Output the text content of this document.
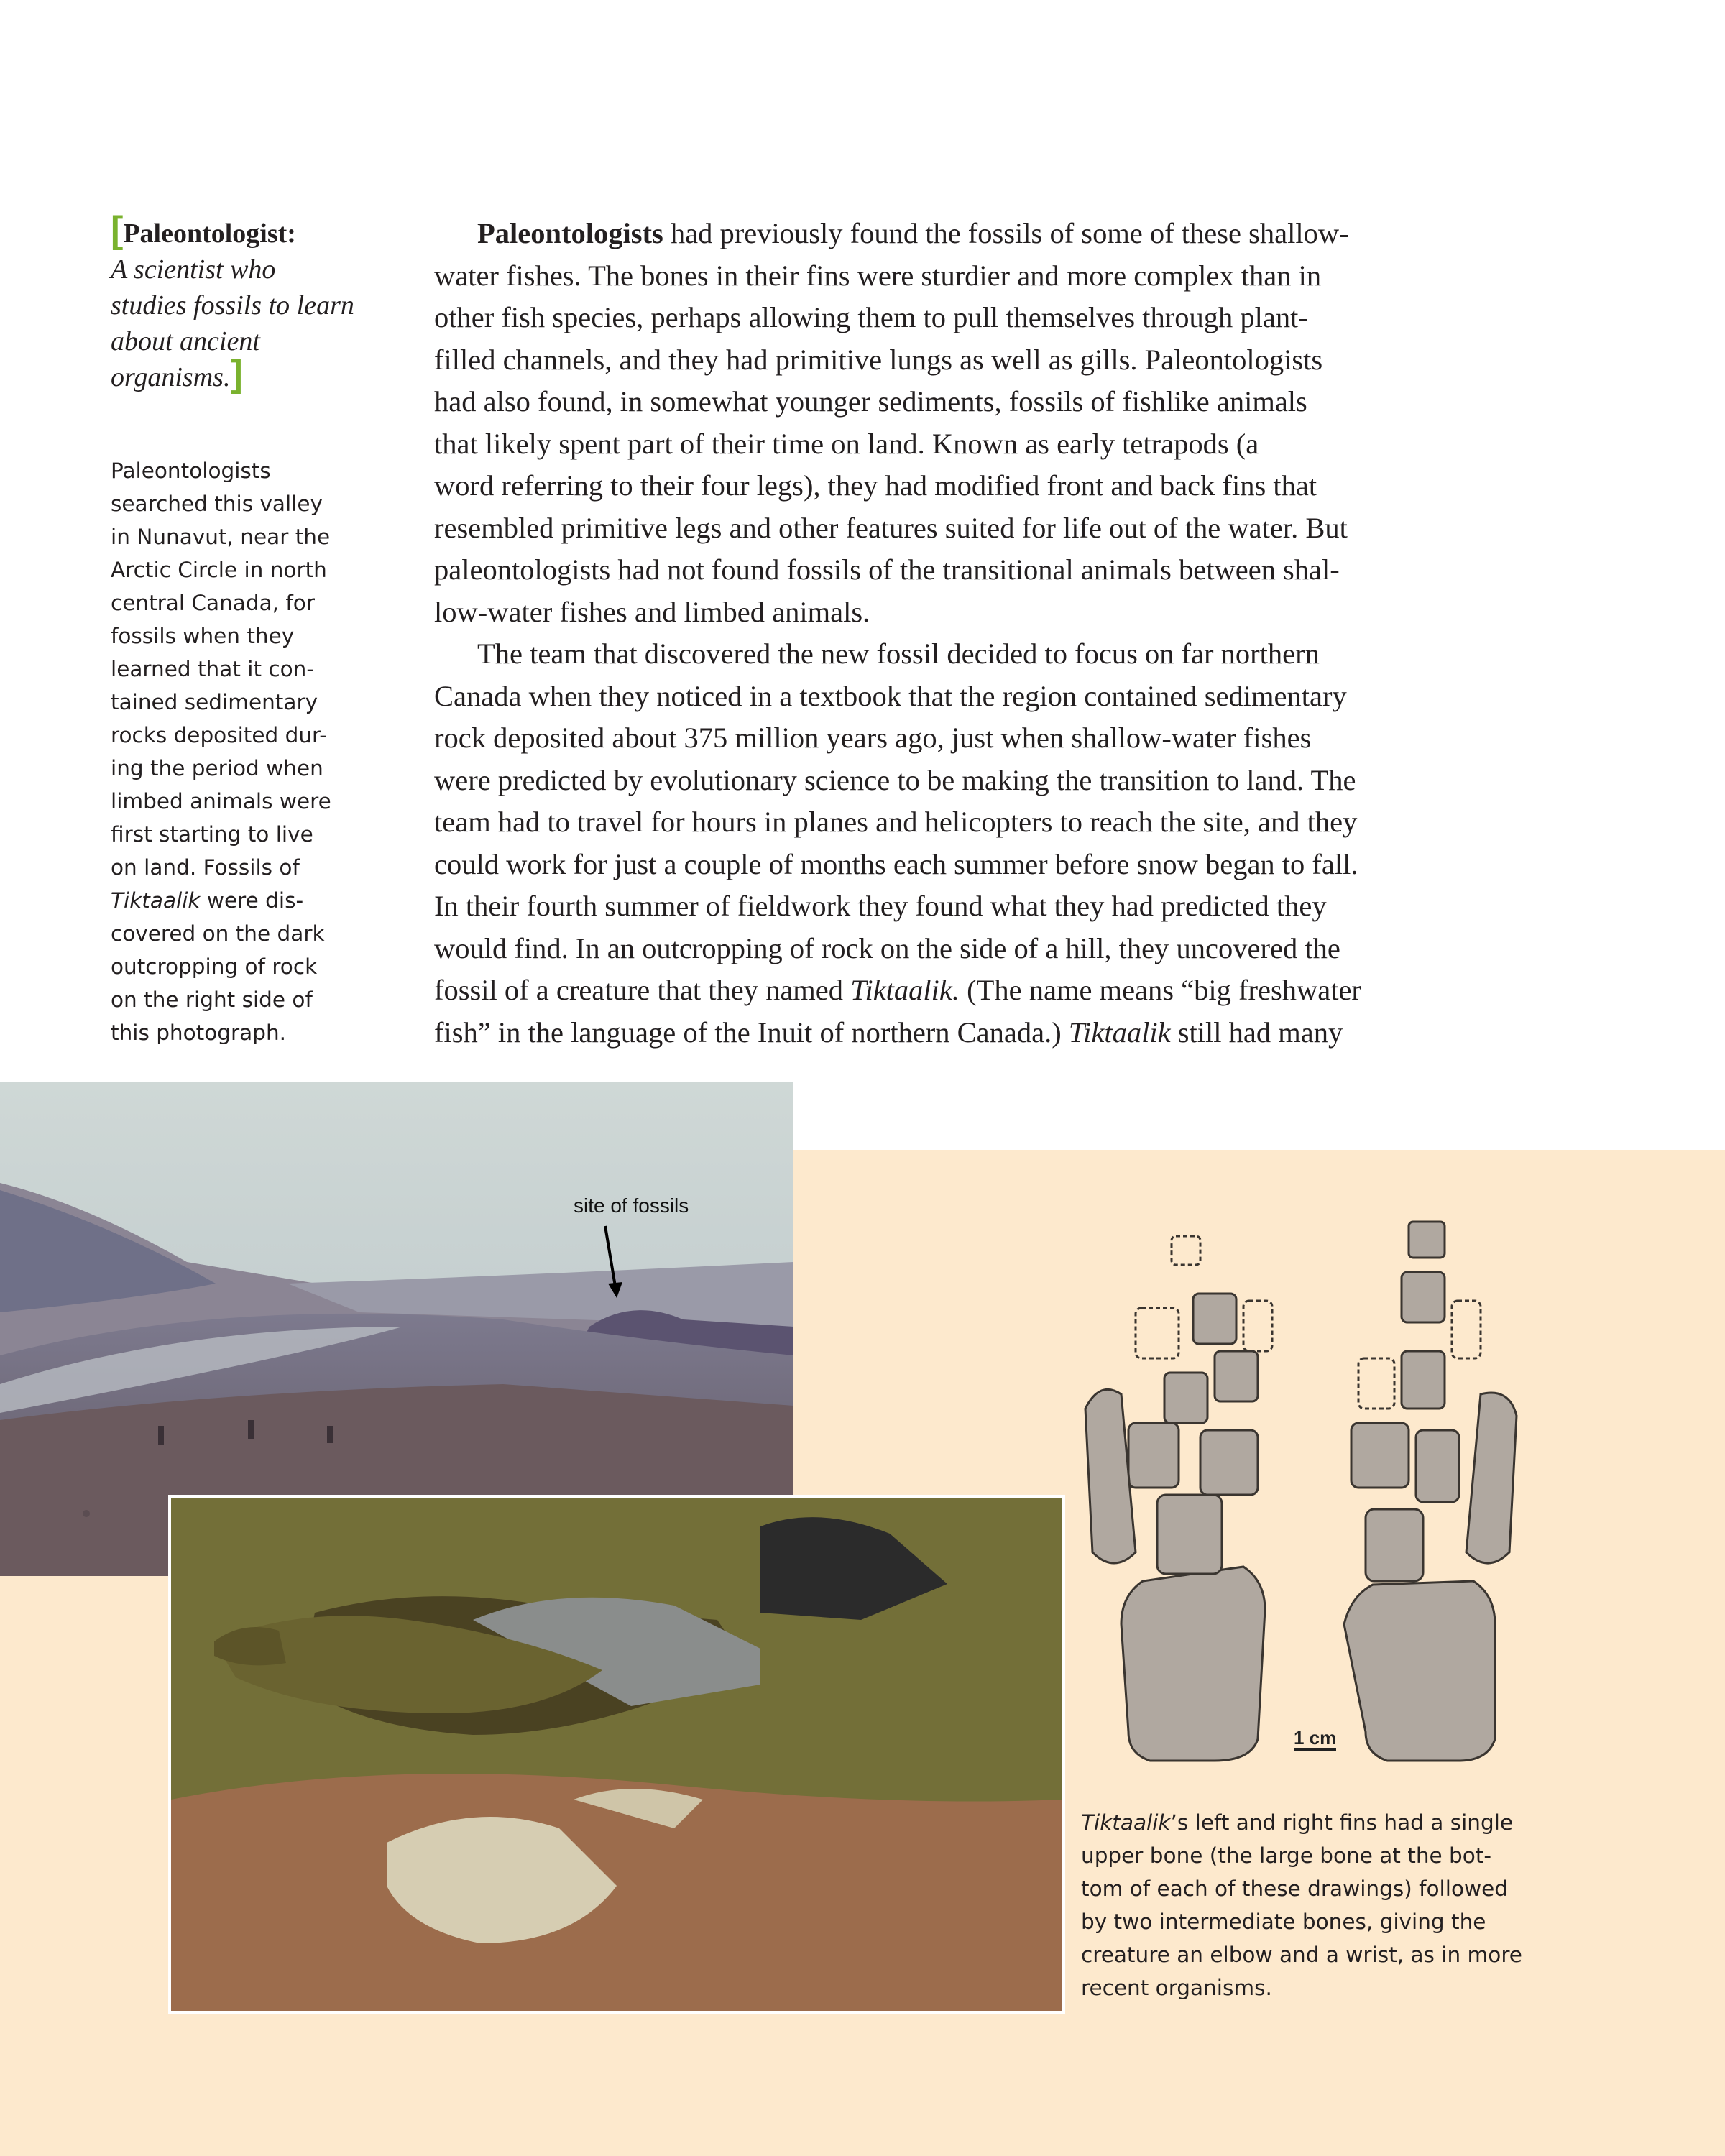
[Paleontologist:
A scientist who studies fossils to learn about ancient organisms.]

Paleontologists
searched this valley
in Nunavut, near the
Arctic Circle in north
central Canada, for
fossils when they
learned that it con-
tained sedimentary
rocks deposited dur-
ing the period when
limbed animals were
first starting to live
on land. Fossils of
Tiktaalik were dis-
covered on the dark
outcropping of rock
on the right side of
this photograph.

Paleontologists had previously found the fossils of some of these shallow-
water fishes. The bones in their fins were sturdier and more complex than in
other fish species, perhaps allowing them to pull themselves through plant-
filled channels, and they had primitive lungs as well as gills. Paleontologists
had also found, in somewhat younger sediments, fossils of fishlike animals
that likely spent part of their time on land. Known as early tetrapods (a
word referring to their four legs), they had modified front and back fins that
resembled primitive legs and other features suited for life out of the water. But
paleontologists had not found fossils of the transitional animals between shal-
low-water fishes and limbed animals.

The team that discovered the new fossil decided to focus on far northern
Canada when they noticed in a textbook that the region contained sedimentary
rock deposited about 375 million years ago, just when shallow-water fishes
were predicted by evolutionary science to be making the transition to land. The
team had to travel for hours in planes and helicopters to reach the site, and they
could work for just a couple of months each summer before snow began to fall.
In their fourth summer of fieldwork they found what they had predicted they
would find. In an outcropping of rock on the side of a hill, they uncovered the
fossil of a creature that they named Tiktaalik. (The name means “big freshwater
fish” in the language of the Inuit of northern Canada.) Tiktaalik still had many

site of fossils
1 cm

Tiktaalik’s left and right fins had a single
upper bone (the large bone at the bot-
tom of each of these drawings) followed
by two intermediate bones, giving the
creature an elbow and a wrist, as in more
recent organisms.
